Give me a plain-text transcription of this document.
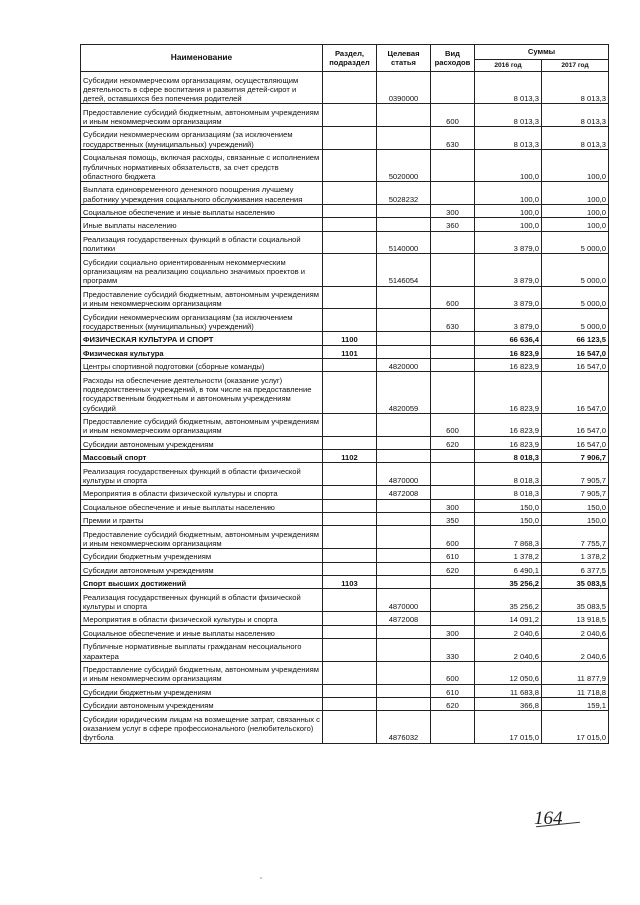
Наименование	Раздел, подраздел	Целевая статья	Вид расходов	Суммы	
				2016 год	2017 год
Субсидии некоммерческим организациям, осуществляющим деятельность в сфере воспитания и развития детей-сирот и детей, оставшихся без попечения родителей		0390000		8 013,3	8 013,3
Предоставление субсидий бюджетным, автономным учреждениям и иным некоммерческим организациям			600	8 013,3	8 013,3
Субсидии некоммерческим организациям (за исключением государственных (муниципальных) учреждений)			630	8 013,3	8 013,3
Социальная помощь, включая расходы, связанные с исполнением публичных нормативных обязательств, за счет средств областного бюджета		5020000		100,0	100,0
Выплата единовременного денежного поощрения лучшему работнику учреждения социального обслуживания населения		5028232		100,0	100,0
Социальное обеспечение и иные выплаты населению			300	100,0	100,0
Иные выплаты населению			360	100,0	100,0
Реализация государственных функций в области социальной политики		5140000		3 879,0	5 000,0
Субсидии социально ориентированным некоммерческим организациям на реализацию социально значимых проектов и программ		5146054		3 879,0	5 000,0
Предоставление субсидий бюджетным, автономным учреждениям и иным некоммерческим организациям			600	3 879,0	5 000,0
Субсидии некоммерческим организациям (за исключением государственных (муниципальных) учреждений)			630	3 879,0	5 000,0
ФИЗИЧЕСКАЯ КУЛЬТУРА И СПОРТ	1100			66 636,4	66 123,5
Физическая культура	1101			16 823,9	16 547,0
Центры спортивной подготовки (сборные команды)		4820000		16 823,9	16 547,0
Расходы на обеспечение деятельности (оказание услуг) подведомственных учреждений, в том числе на предоставление государственным бюджетным и автономным учреждениям субсидий		4820059		16 823,9	16 547,0
Предоставление субсидий бюджетным, автономным учреждениям и иным некоммерческим организациям			600	16 823,9	16 547,0
Субсидии автономным учреждениям			620	16 823,9	16 547,0
Массовый спорт	1102			8 018,3	7 906,7
Реализация государственных функций в области физической культуры и спорта		4870000		8 018,3	7 905,7
Мероприятия в области физической культуры и спорта		4872008		8 018,3	7 905,7
Социальное обеспечение и иные выплаты населению			300	150,0	150,0
Премии и гранты			350	150,0	150,0
Предоставление субсидий бюджетным, автономным учреждениям и иным некоммерческим организациям			600	7 868,3	7 755,7
Субсидии бюджетным учреждениям			610	1 378,2	1 378,2
Субсидии автономным учреждениям			620	6 490,1	6 377,5
Спорт высших достижений	1103			35 256,2	35 083,5
Реализация государственных функций в области физической культуры и спорта		4870000		35 256,2	35 083,5
Мероприятия в области физической культуры и спорта		4872008		14 091,2	13 918,5
Социальное обеспечение и иные выплаты населению			300	2 040,6	2 040,6
Публичные нормативные выплаты гражданам несоциального характера			330	2 040,6	2 040,6
Предоставление субсидий бюджетным, автономным учреждениям и иным некоммерческим организациям			600	12 050,6	11 877,9
Субсидии бюджетным учреждениям			610	11 683,8	11 718,8
Субсидии автономным учреждениям			620	366,8	159,1
Субсидии юридическим лицам на возмещение затрат, связанных с оказанием услуг в сфере профессионального (нелюбительского) футбола		4876032		17 015,0	17 015,0
164
